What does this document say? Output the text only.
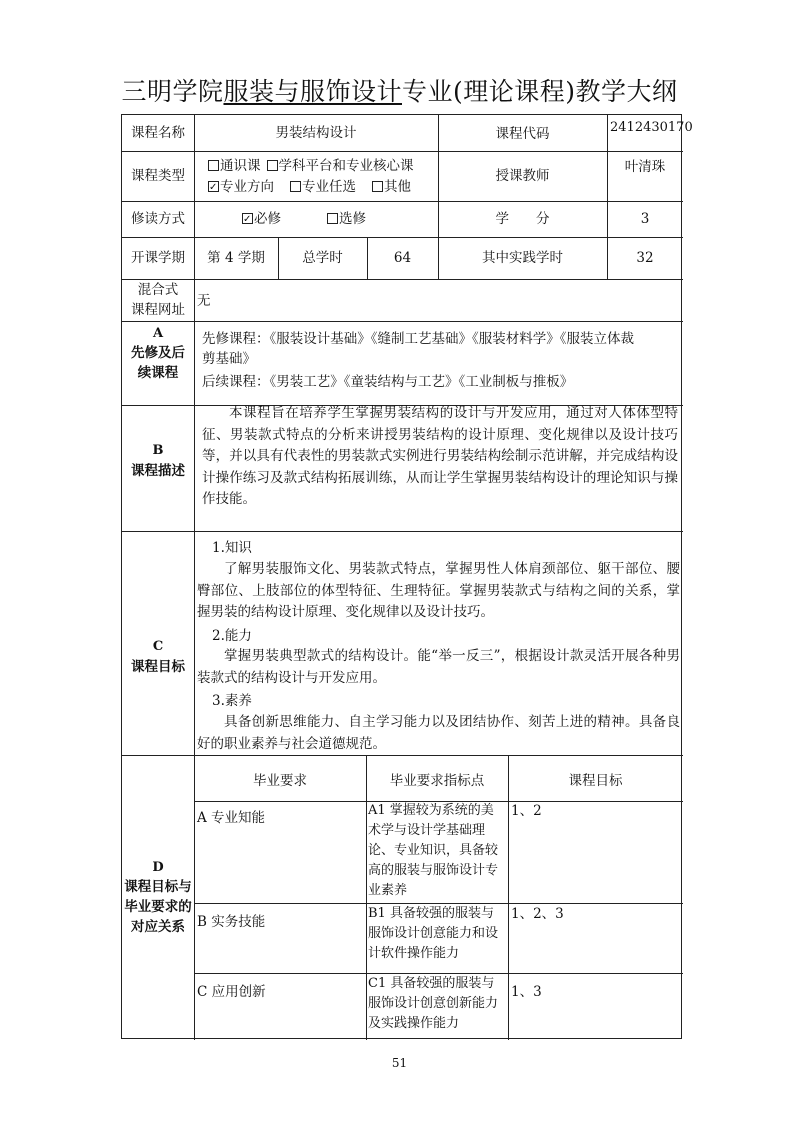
三明学院服装与服饰设计专业(理论课程)教学大纲
课程名称	男装结构设计	课程代码	2412430170
课程类型
通识课 学科平台和专业核心课
✓专业方向 专业任选 其他
授课教师
叶清珠
修读方式
✓	必修	选修	学　　分	3
开课学期	第 4 学期	总学时	64	其中实践学时	32
混合式
课程网址
无
A
先修及后
续课程
先修课程：《服装设计基础》《缝制工艺基础》《服装材料学》《服装立体裁
剪基础》
后续课程：《男装工艺》《童装结构与工艺》《工业制板与推板》
B
课程描述
本课程旨在培养学生掌握男装结构的设计与开发应用，通过对人体体型特征、男装款式特点的分析来讲授男装结构的设计原理、变化规律以及设计技巧等，并以具有代表性的男装款式实例进行男装结构绘制示范讲解，并完成结构设计操作练习及款式结构拓展训练，从而让学生掌握男装结构设计的理论知识与操作技能。
C
课程目标
1.知识
了解男装服饰文化、男装款式特点，掌握男性人体肩颈部位、躯干部位、腰臀部位、上肢部位的体型特征、生理特征。掌握男装款式与结构之间的关系，掌握男装的结构设计原理、变化规律以及设计技巧。
2.能力
掌握男装典型款式的结构设计。能“举一反三”，根据设计款灵活开展各种男装款式的结构设计与开发应用。
3.素养
具备创新思维能力、自主学习能力以及团结协作、刻苦上进的精神。具备良好的职业素养与社会道德规范。
D
课程目标与
毕业要求的
对应关系
毕业要求	毕业要求指标点	课程目标
A 专业知能	A1 掌握较为系统的美术学与设计学基础理论、专业知识，具备较高的服装与服饰设计专业素养
1、2
B 实务技能
B1 具备较强的服装与服饰设计创意能力和设计软件操作能力
1、2、3
C 应用创新
C1 具备较强的服装与服饰设计创意创新能力及实践操作能力
1、3
51
